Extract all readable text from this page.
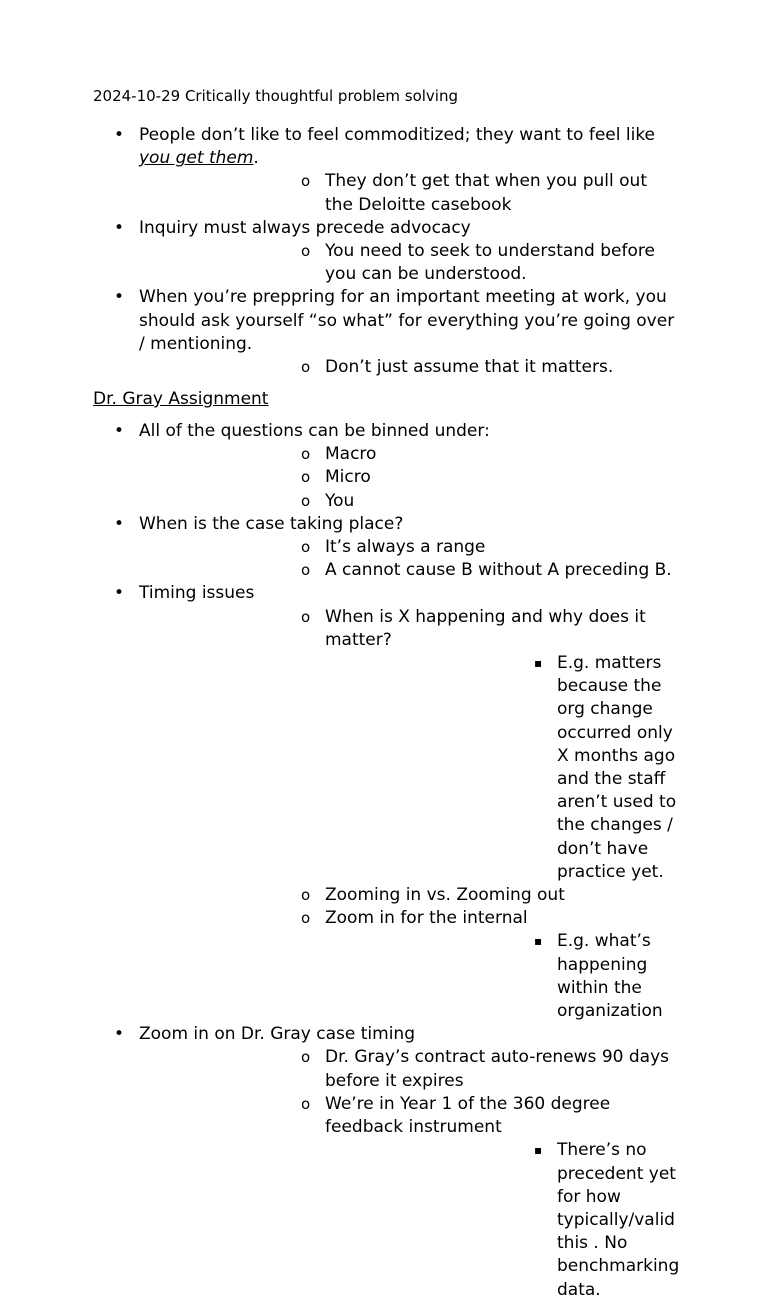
2024-10-29 Critically thoughtful problem solving
• People don’t like to feel commoditized; they want to feel like you get them.
o They don’t get that when you pull out the Deloitte casebook
• Inquiry must always precede advocacy
o You need to seek to understand before you can be understood.
• When you’re preppring for an important meeting at work, you should ask yourself “so what” for everything you’re going over / mentioning.
o Don’t just assume that it matters.
Dr. Gray Assignment
• All of the questions can be binned under:
o Macro
o Micro
o You
• When is the case taking place?
o It’s always a range
o A cannot cause B without A preceding B.
• Timing issues
o When is X happening and why does it matter?
▪ E.g. matters because the org change occurred only X months ago and the staff aren’t used to the changes / don’t have practice yet.
o Zooming in vs. Zooming out
o Zoom in for the internal
▪ E.g. what’s happening within the organization
• Zoom in on Dr. Gray case timing
o Dr. Gray’s contract auto-renews 90 days before it expires
o We’re in Year 1 of the 360 degree feedback instrument
▪ There’s no precedent yet for how typically/valid this . No benchmarking data.
